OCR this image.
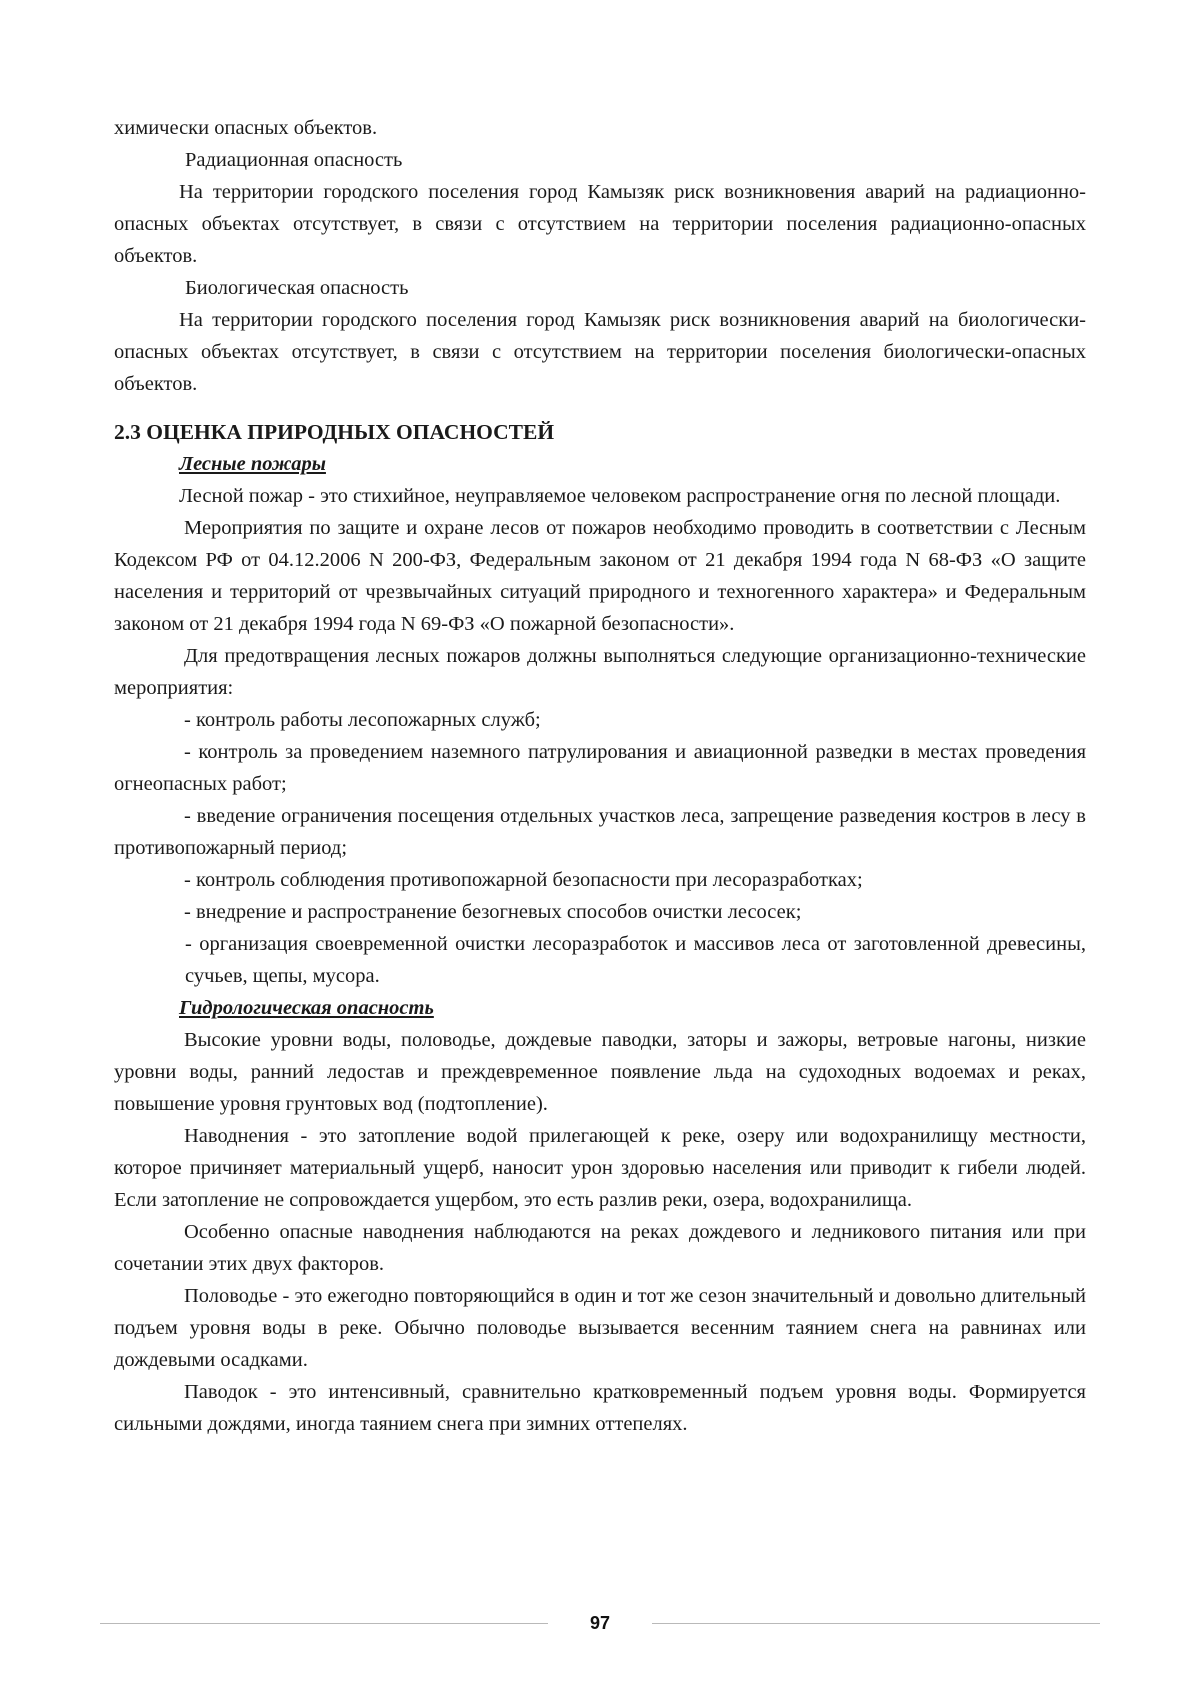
химически опасных объектов.

Радиационная опасность

На территории городского поселения город Камызяк риск возникновения аварий на радиационно-опасных объектах отсутствует, в связи с отсутствием на территории поселения радиационно-опасных объектов.

Биологическая опасность

На территории городского поселения город Камызяк риск возникновения аварий на биологически-опасных объектах отсутствует, в связи с отсутствием на территории поселения биологически-опасных объектов.

2.3 ОЦЕНКА ПРИРОДНЫХ ОПАСНОСТЕЙ

Лесные пожары

Лесной пожар - это стихийное, неуправляемое человеком распространение огня по лесной площади.

Мероприятия по защите и охране лесов от пожаров необходимо проводить в соответствии с Лесным Кодексом РФ от 04.12.2006 N 200-ФЗ, Федеральным законом от 21 декабря 1994 года N 68-ФЗ «О защите населения и территорий от чрезвычайных ситуаций природного и техногенного характера» и Федеральным законом от 21 декабря 1994 года N 69-ФЗ «О пожарной безопасности».

Для предотвращения лесных пожаров должны выполняться следующие организационно-технические мероприятия:

- контроль работы лесопожарных служб;

- контроль за проведением наземного патрулирования и авиационной разведки в местах проведения огнеопасных работ;

- введение ограничения посещения отдельных участков леса, запрещение разведения костров в лесу в противопожарный период;

- контроль соблюдения противопожарной безопасности при лесоразработках;

- внедрение и распространение безогневых способов очистки лесосек;

- организация своевременной очистки лесоразработок и массивов леса от заготовленной древесины, сучьев, щепы, мусора.

Гидрологическая опасность

Высокие уровни воды, половодье, дождевые паводки, заторы и зажоры, ветровые нагоны, низкие уровни воды, ранний ледостав и преждевременное появление льда на судоходных водоемах и реках, повышение уровня грунтовых вод (подтопление).

Наводнения - это затопление водой прилегающей к реке, озеру или водохранилищу местности, которое причиняет материальный ущерб, наносит урон здоровью населения или приводит к гибели людей. Если затопление не сопровождается ущербом, это есть разлив реки, озера, водохранилища.

Особенно опасные наводнения наблюдаются на реках дождевого и ледникового питания или при сочетании этих двух факторов.

Половодье - это ежегодно повторяющийся в один и тот же сезон значительный и довольно длительный подъем уровня воды в реке. Обычно половодье вызывается весенним таянием снега на равнинах или дождевыми осадками.

Паводок - это интенсивный, сравнительно кратковременный подъем уровня воды. Формируется сильными дождями, иногда таянием снега при зимних оттепелях.

97
